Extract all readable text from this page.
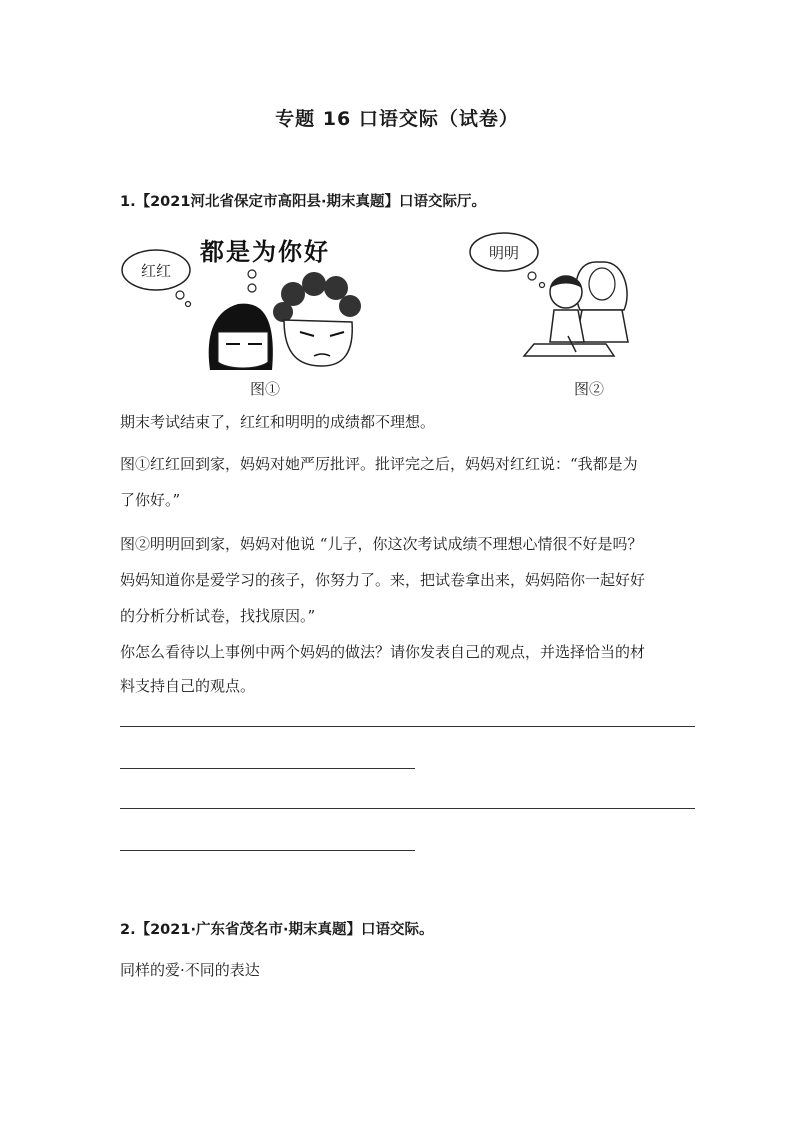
专题 16 口语交际（试卷）
1.【2021河北省保定市高阳县·期末真题】口语交际厅。
红红
都是为你好	明明
图①	图②
期末考试结束了，红红和明明的成绩都不理想。
图①红红回到家，妈妈对她严厉批评。批评完之后，妈妈对红红说：“我都是为
了你好。”
图②明明回到家，妈妈对他说 “儿子，你这次考试成绩不理想心情很不好是吗？
妈妈知道你是爱学习的孩子，你努力了。来，把试卷拿出来，妈妈陪你一起好好
的分析分析试卷，找找原因。”
你怎么看待以上事例中两个妈妈的做法？请你发表自己的观点，并选择恰当的材
料支持自己的观点。
2.【2021·广东省茂名市·期末真题】口语交际。
同样的爱·不同的表达
